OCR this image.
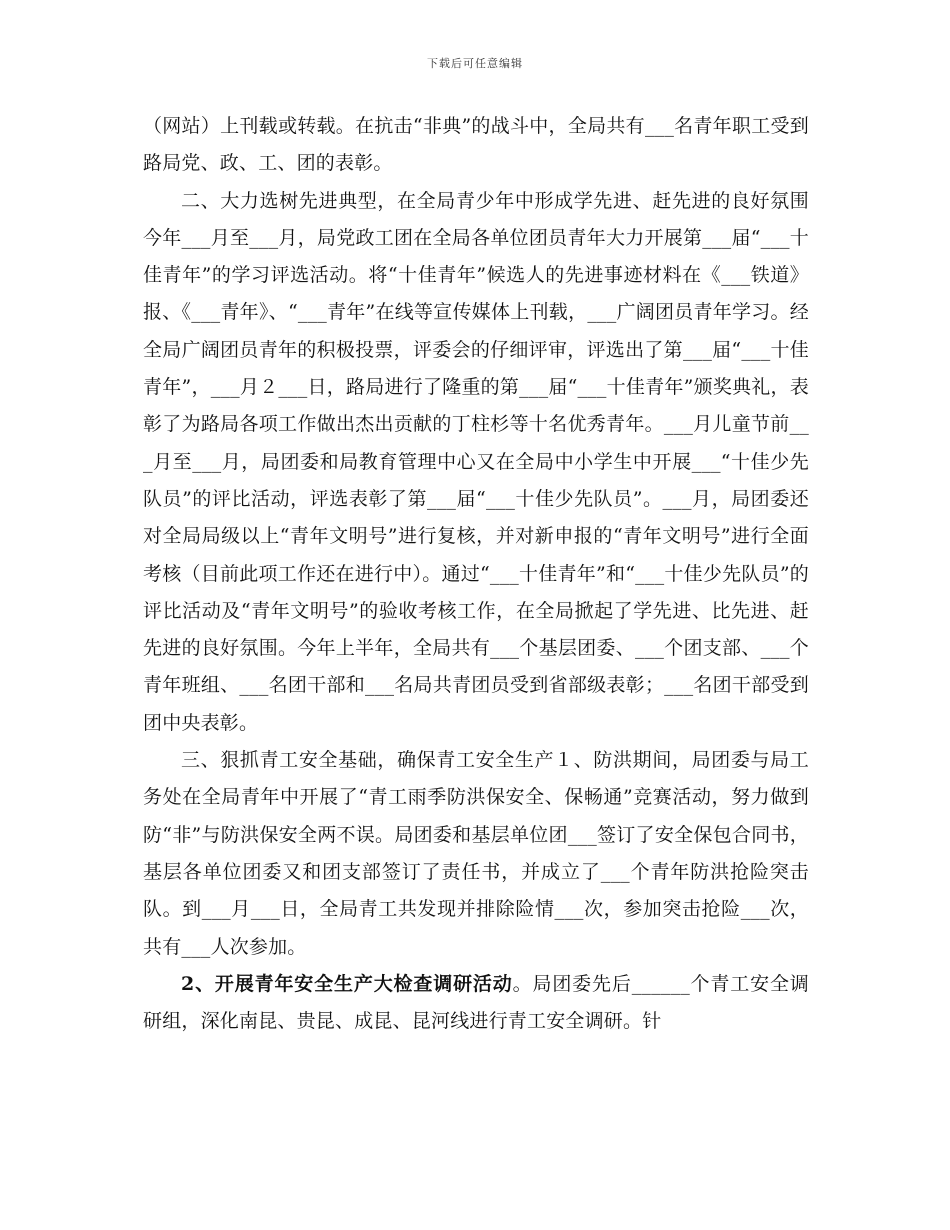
下载后可任意编辑

（网站）上刊载或转载。在抗击“非典”的战斗中，全局共有___名青年职工受到路局党、政、工、团的表彰。

二、大力选树先进典型，在全局青少年中形成学先进、赶先进的良好氛围今年___月至___月，局党政工团在全局各单位团员青年大力开展第___届“___十佳青年”的学习评选活动。将“十佳青年”候选人的先进事迹材料在《___铁道》报、《___青年》、“___青年”在线等宣传媒体上刊载，___广阔团员青年学习。经全局广阔团员青年的积极投票，评委会的仔细评审，评选出了第___届“___十佳青年”，___月２___日，路局进行了隆重的第___届“___十佳青年”颁奖典礼，表彰了为路局各项工作做出杰出贡献的丁柱杉等十名优秀青年。___月儿童节前___月至___月，局团委和局教育管理中心又在全局中小学生中开展___“十佳少先队员”的评比活动，评选表彰了第___届“___十佳少先队员”。___月，局团委还对全局局级以上“青年文明号”进行复核，并对新申报的“青年文明号”进行全面考核（目前此项工作还在进行中）。通过“___十佳青年”和“___十佳少先队员”的评比活动及“青年文明号”的验收考核工作，在全局掀起了学先进、比先进、赶先进的良好氛围。今年上半年，全局共有___个基层团委、___个团支部、___个青年班组、___名团干部和___名局共青团员受到省部级表彰；___名团干部受到团中央表彰。

三、狠抓青工安全基础，确保青工安全生产１、防洪期间，局团委与局工务处在全局青年中开展了“青工雨季防洪保安全、保畅通”竞赛活动，努力做到防“非”与防洪保安全两不误。局团委和基层单位团___签订了安全保包合同书，基层各单位团委又和团支部签订了责任书，并成立了___个青年防洪抢险突击队。到___月___日，全局青工共发现并排除险情___次，参加突击抢险___次，共有___人次参加。

2、开展青年安全生产大检查调研活动。局团委先后______个青工安全调研组，深化南昆、贵昆、成昆、昆河线进行青工安全调研。针
